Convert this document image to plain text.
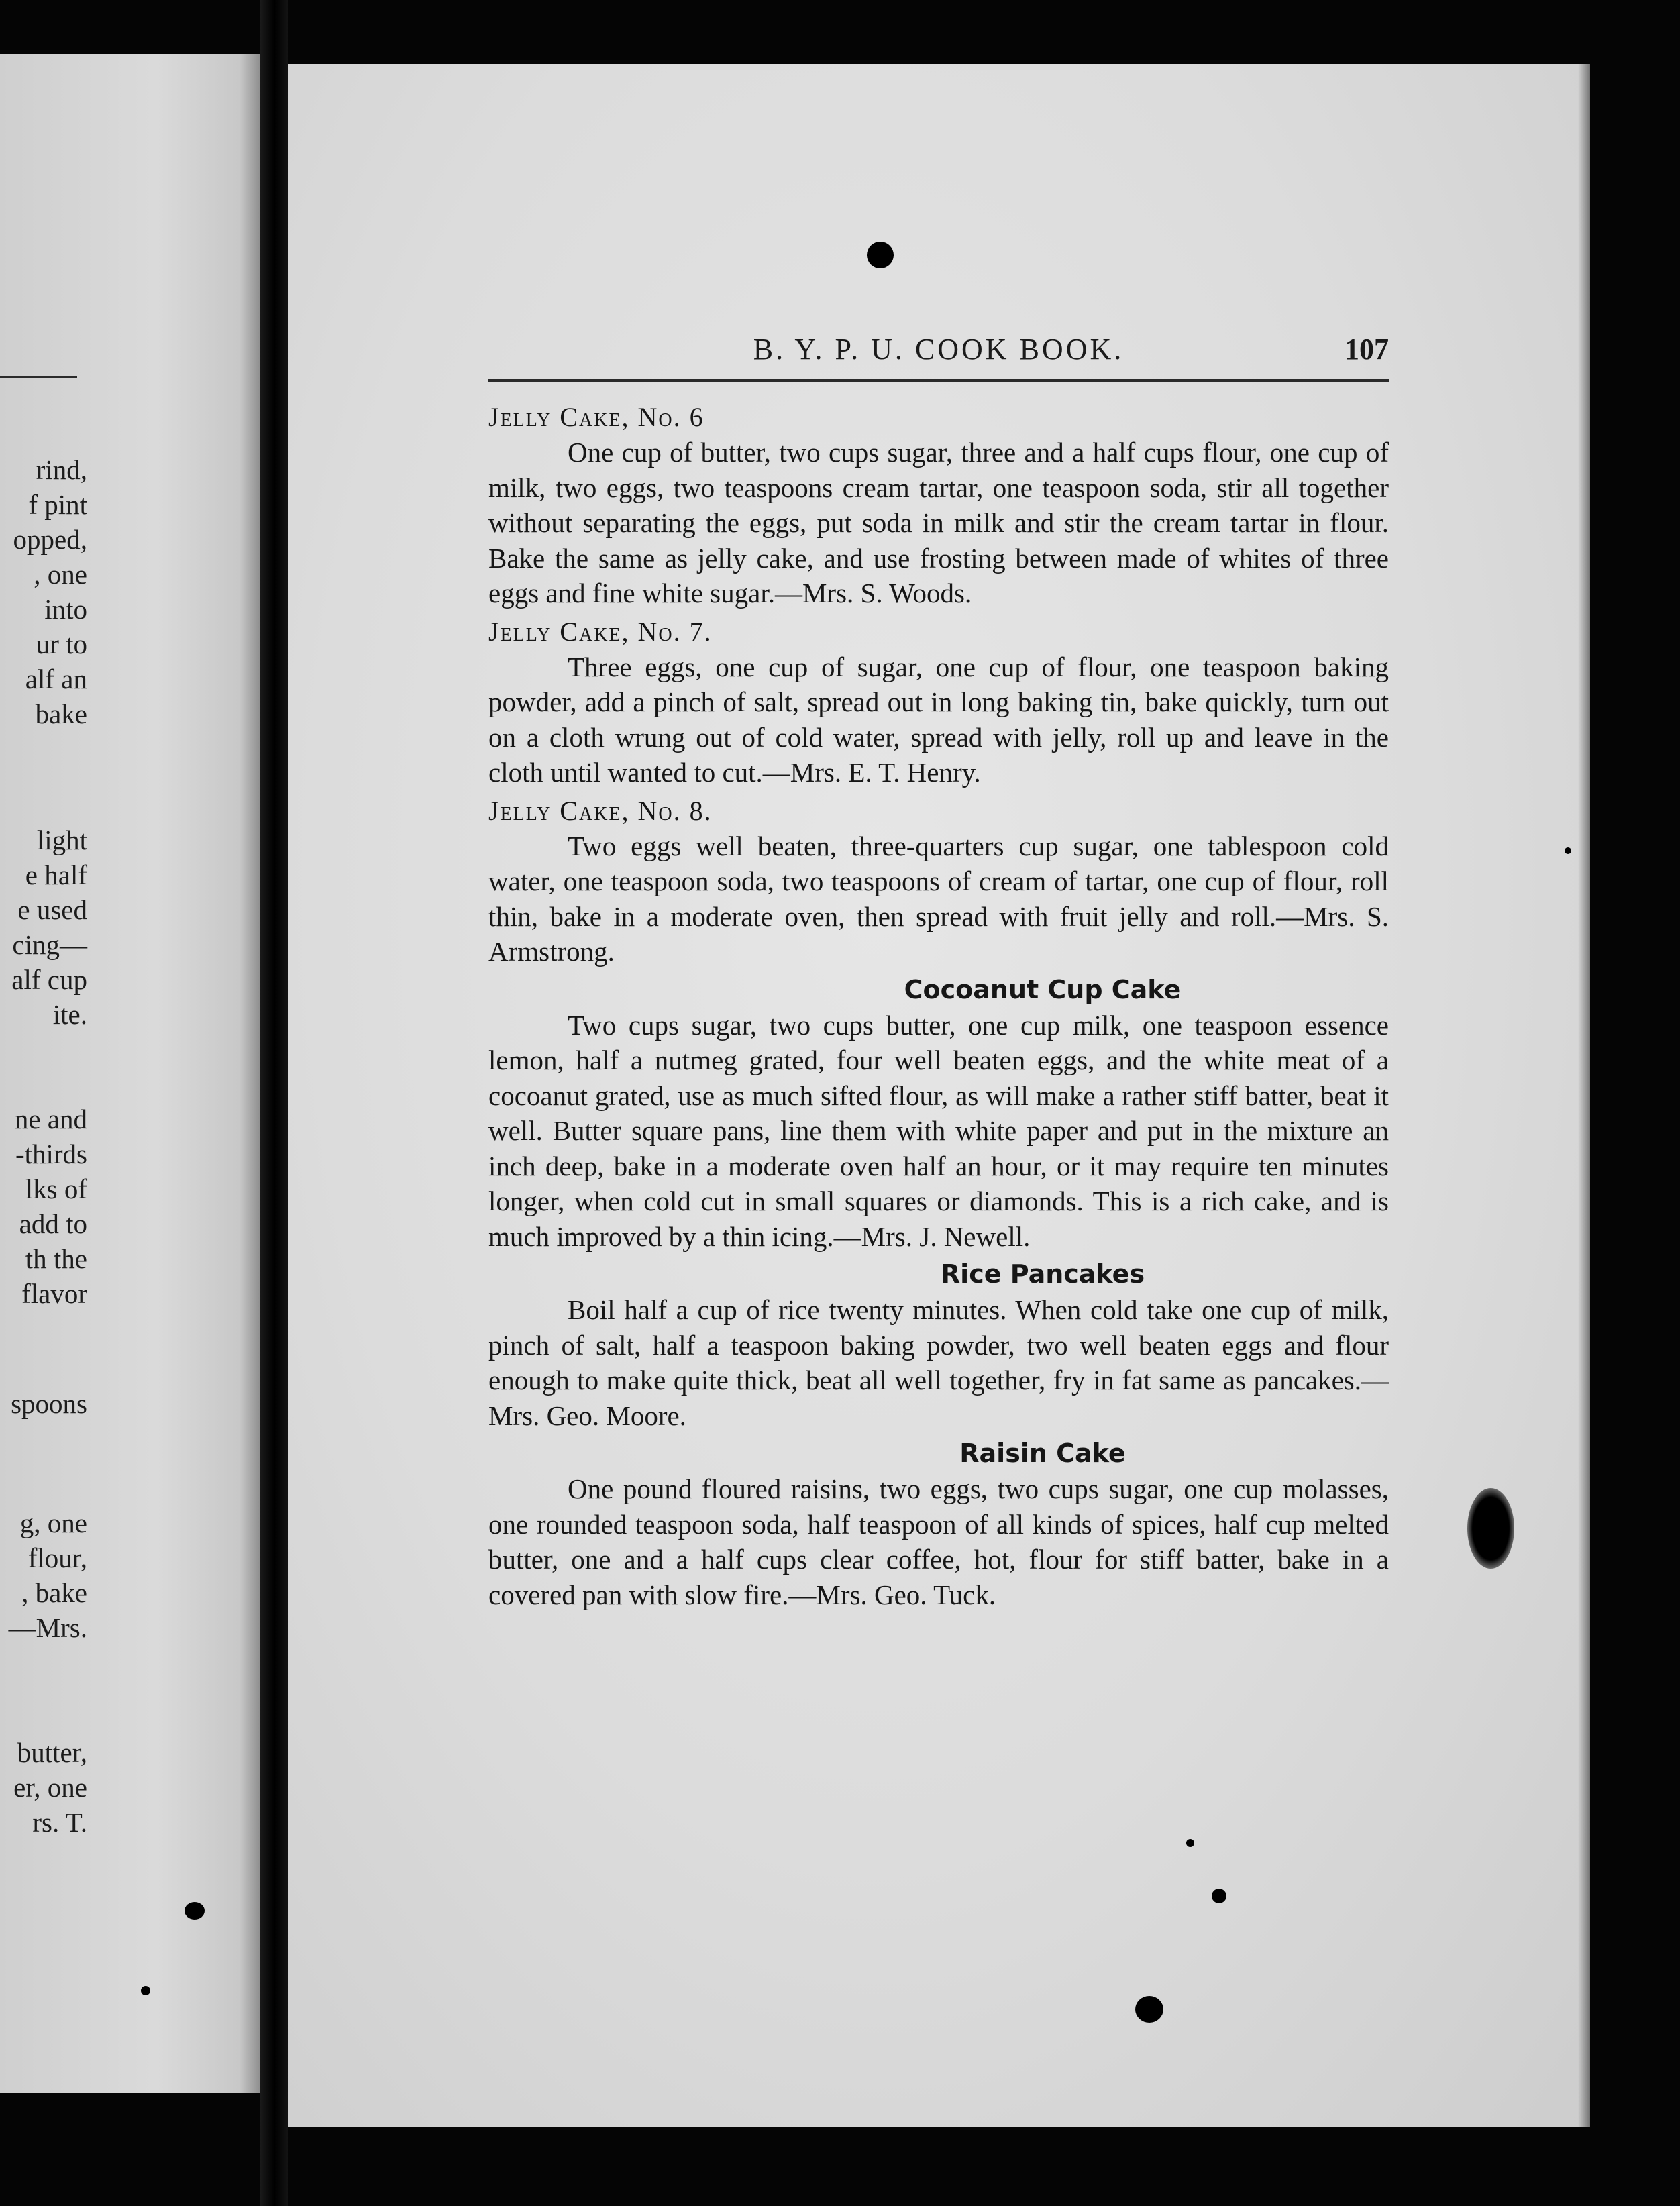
rind,
f pint
opped,
, one
into
ur to
alf an
bake
light
e half
e used
cing—
alf cup
ite.
ne and
-thirds
lks of
add to
th the
flavor
spoons
g, one
flour,
, bake
—Mrs.
butter,
er, one
rs. T.
B. Y. P. U. COOK BOOK.	107
Jelly Cake, No. 6

One cup of butter, two cups sugar, three and a half cups flour, one cup of milk, two eggs, two teaspoons cream tartar, one teaspoon soda, stir all together without separating the eggs, put soda in milk and stir the cream tartar in flour. Bake the same as jelly cake, and use frosting between made of whites of three eggs and fine white sugar.—Mrs. S. Woods.

Jelly Cake, No. 7.

Three eggs, one cup of sugar, one cup of flour, one teaspoon baking powder, add a pinch of salt, spread out in long baking tin, bake quickly, turn out on a cloth wrung out of cold water, spread with jelly, roll up and leave in the cloth until wanted to cut.—Mrs. E. T. Henry.

Jelly Cake, No. 8.

Two eggs well beaten, three-quarters cup sugar, one tablespoon cold water, one teaspoon soda, two teaspoons of cream of tartar, one cup of flour, roll thin, bake in a moderate oven, then spread with fruit jelly and roll.—Mrs. S. Armstrong.

Cocoanut Cup Cake

Two cups sugar, two cups butter, one cup milk, one teaspoon essence lemon, half a nutmeg grated, four well beaten eggs, and the white meat of a cocoanut grated, use as much sifted flour, as will make a rather stiff batter, beat it well. Butter square pans, line them with white paper and put in the mixture an inch deep, bake in a moderate oven half an hour, or it may require ten minutes longer, when cold cut in small squares or diamonds. This is a rich cake, and is much improved by a thin icing.—Mrs. J. Newell.

Rice Pancakes

Boil half a cup of rice twenty minutes. When cold take one cup of milk, pinch of salt, half a teaspoon baking powder, two well beaten eggs and flour enough to make quite thick, beat all well together, fry in fat same as pancakes.—Mrs. Geo. Moore.

Raisin Cake

One pound floured raisins, two eggs, two cups sugar, one cup molasses, one rounded teaspoon soda, half teaspoon of all kinds of spices, half cup melted butter, one and a half cups clear coffee, hot, flour for stiff batter, bake in a covered pan with slow fire.—Mrs. Geo. Tuck.
